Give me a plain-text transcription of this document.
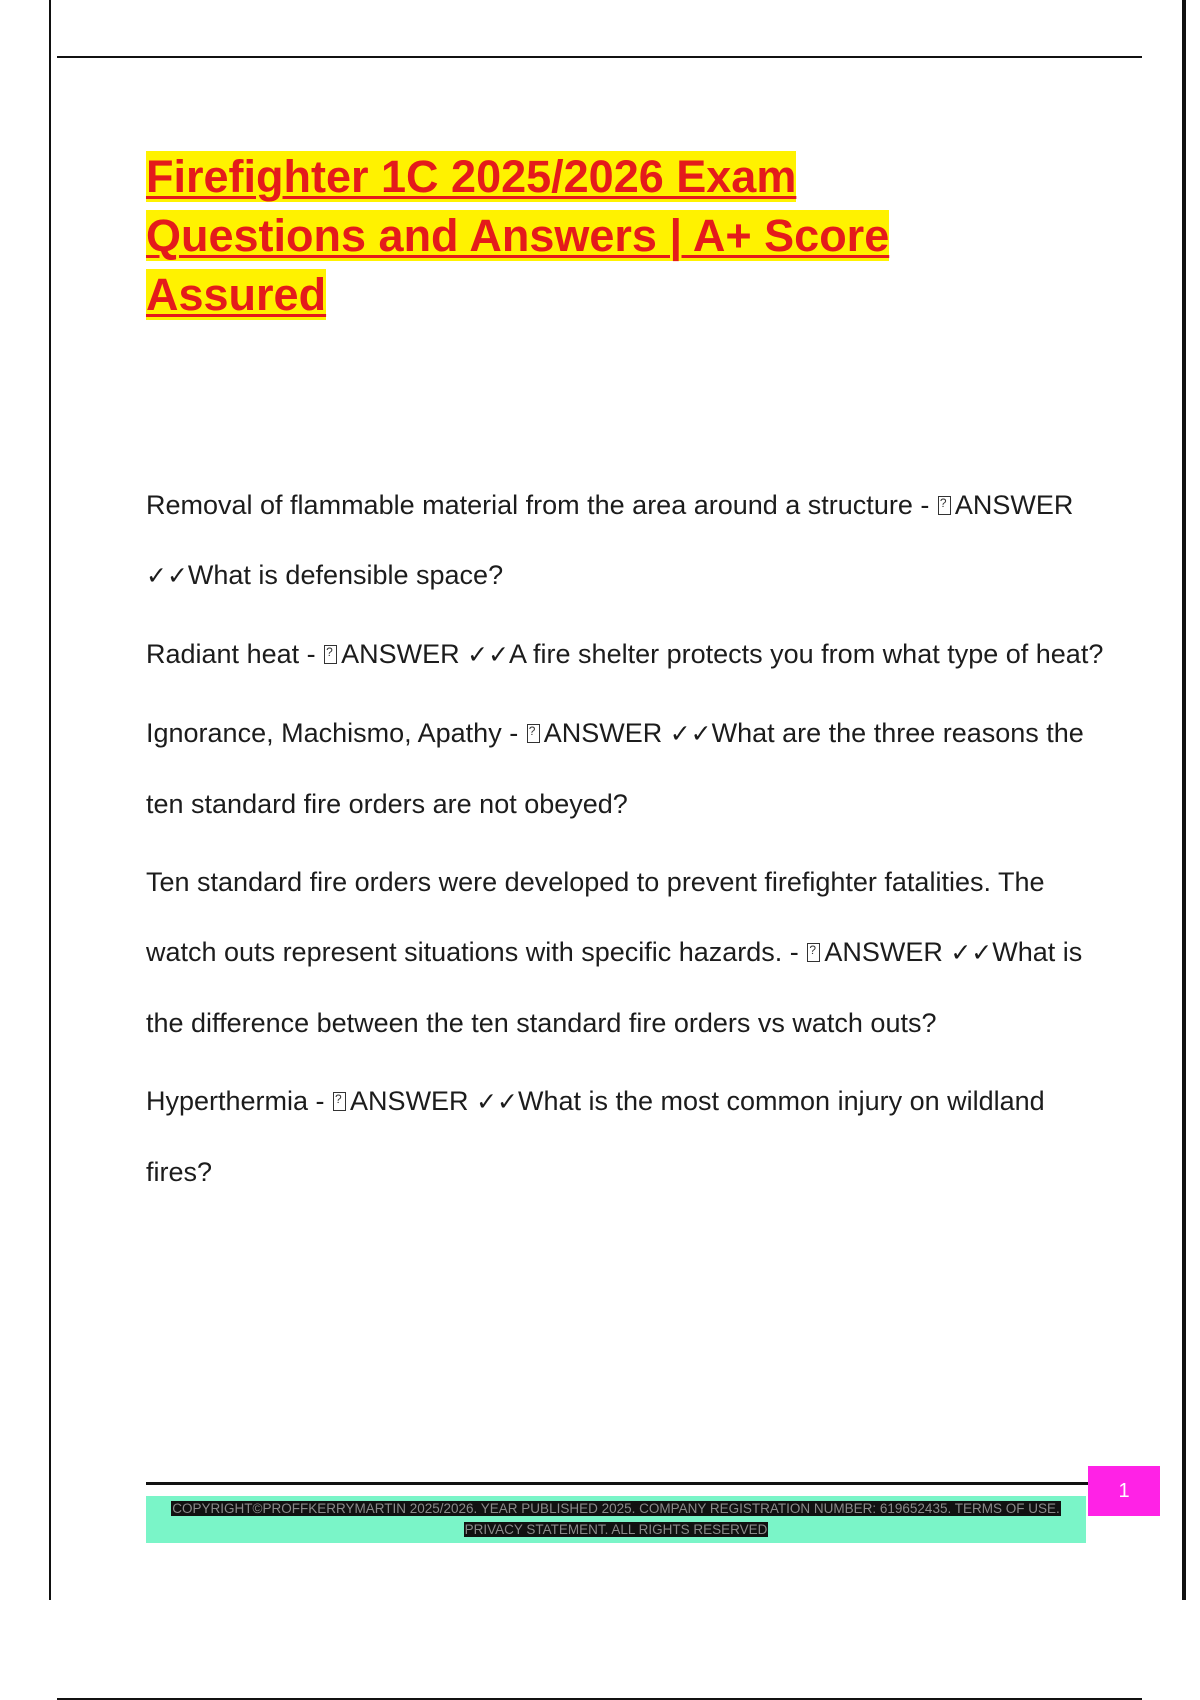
Firefighter 1C 2025/2026 Exam
Questions and Answers | A+ Score
Assured

Removal of flammable material from the area around a structure - ?ANSWER ✓✓What is defensible space?

Radiant heat - ?ANSWER ✓✓A fire shelter protects you from what type of heat?

Ignorance, Machismo, Apathy - ?ANSWER ✓✓What are the three reasons the ten standard fire orders are not obeyed?

Ten standard fire orders were developed to prevent firefighter fatalities. The watch outs represent situations with specific hazards. - ?ANSWER ✓✓What is the difference between the ten standard fire orders vs watch outs?

Hyperthermia - ?ANSWER ✓✓What is the most common injury on wildland fires?

COPYRIGHT©PROFFKERRYMARTIN 2025/2026. YEAR PUBLISHED 2025. COMPANY REGISTRATION NUMBER: 619652435. TERMS OF USE.
PRIVACY STATEMENT. ALL RIGHTS RESERVED
1
